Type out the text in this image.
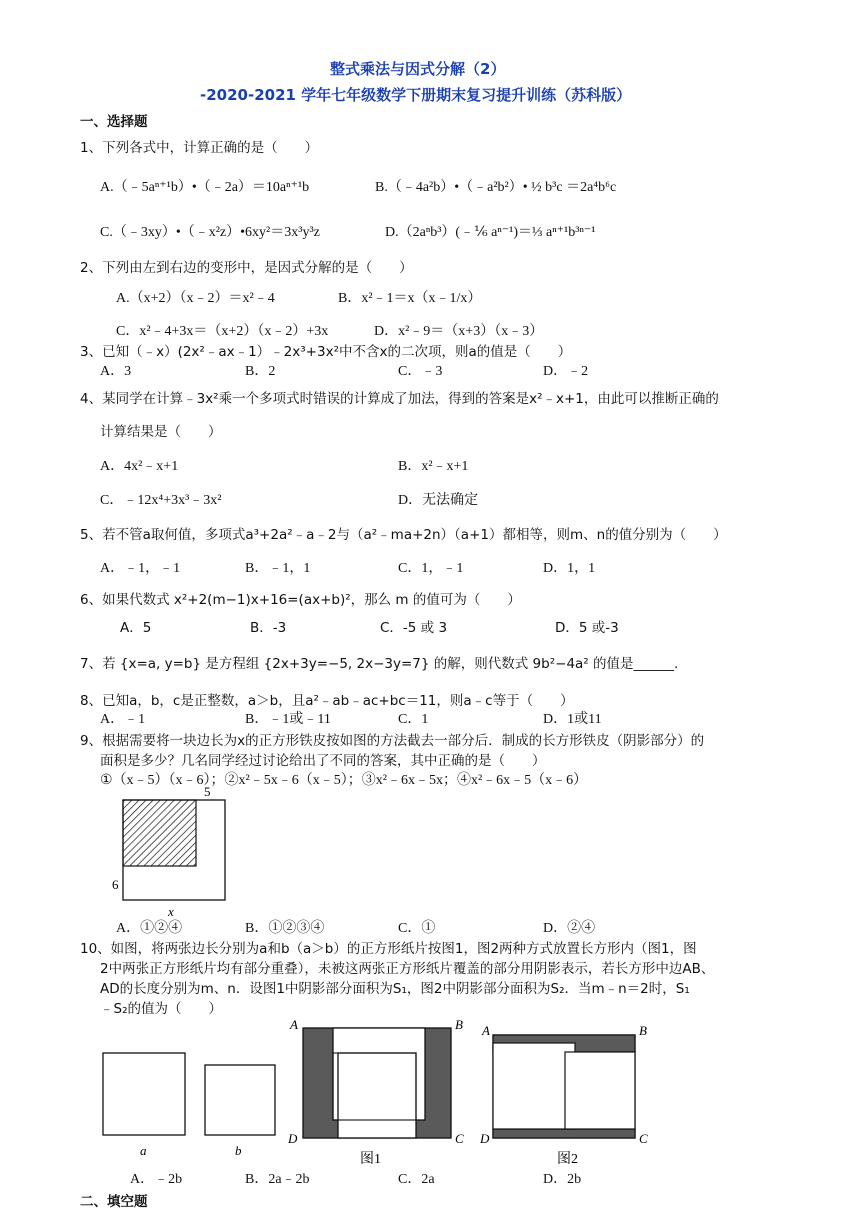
整式乘法与因式分解（2）
-2020-2021 学年七年级数学下册期末复习提升训练（苏科版）
一、选择题
1、下列各式中，计算正确的是（　　）
A.（﹣5aⁿ⁺¹b）•（﹣2a）＝10aⁿ⁺¹b	B.（﹣4a²b）•（﹣a²b²）• ½ b³c ＝2a⁴b⁶c
C.（﹣3xy）•（﹣x²z）•6xy²＝3x³y³z	D.（2aⁿb³）(﹣⅙ aⁿ⁻¹)＝⅓ aⁿ⁺¹b³ⁿ⁻¹
2、下列由左到右边的变形中，是因式分解的是（　　）
A.（x+2）（x﹣2）＝x²﹣4	B．x²﹣1＝x（x﹣1/x）
C．x²﹣4+3x＝（x+2）（x﹣2）+3x	D．x²﹣9＝（x+3）（x﹣3）
3、已知（﹣x）(2x²﹣ax﹣1）﹣2x³+3x²中不含x的二次项，则a的值是（　　）
A．3	B．2	C．﹣3	D．﹣2
4、某同学在计算﹣3x²乘一个多项式时错误的计算成了加法，得到的答案是x²﹣x+1，由此可以推断正确的
计算结果是（　　）
A．4x²﹣x+1	B．x²﹣x+1
C．﹣12x⁴+3x³﹣3x²	D．无法确定
5、若不管a取何值，多项式a³+2a²﹣a﹣2与（a²﹣ma+2n）（a+1）都相等，则m、n的值分别为（　　）
A．﹣1，﹣1	B．﹣1，1	C．1，﹣1	D．1，1
6、如果代数式 x²+2(m−1)x+16=(ax+b)²，那么 m 的值可为（　　）
A．5	B．-3	C．-5 或 3	D．5 或-3
7、若 {x=a, y=b} 是方程组 {2x+3y=−5, 2x−3y=7} 的解，则代数式 9b²−4a² 的值是______.
8、已知a，b，c是正整数，a＞b，且a²﹣ab﹣ac+bc＝11，则a﹣c等于（　　）
A．﹣1	B．﹣1或﹣11	C．1	D．1或11
9、根据需要将一块边长为x的正方形铁皮按如图的方法截去一部分后．制成的长方形铁皮（阴影部分）的
面积是多少？几名同学经过讨论给出了不同的答案，其中正确的是（　　）
①（x﹣5）（x﹣6）；②x²﹣5x﹣6（x﹣5）；③x²﹣6x﹣5x；④x²﹣6x﹣5（x﹣6）
5
6
x
A．①②④	B．①②③④	C．①	D．②④
10、如图，将两张边长分别为a和b（a＞b）的正方形纸片按图1，图2两种方式放置长方形内（图1，图
2中两张正方形纸片均有部分重叠），未被这两张正方形纸片覆盖的部分用阴影表示，若长方形中边AB、
AD的长度分别为m、n．设图1中阴影部分面积为S₁，图2中阴影部分面积为S₂．当m﹣n＝2时，S₁
﹣S₂的值为（　　）
a	b
A	B
C
D
图1
A	B
C
D
图2
A．﹣2b	B．2a﹣2b	C．2a	D．2b
二、填空题
